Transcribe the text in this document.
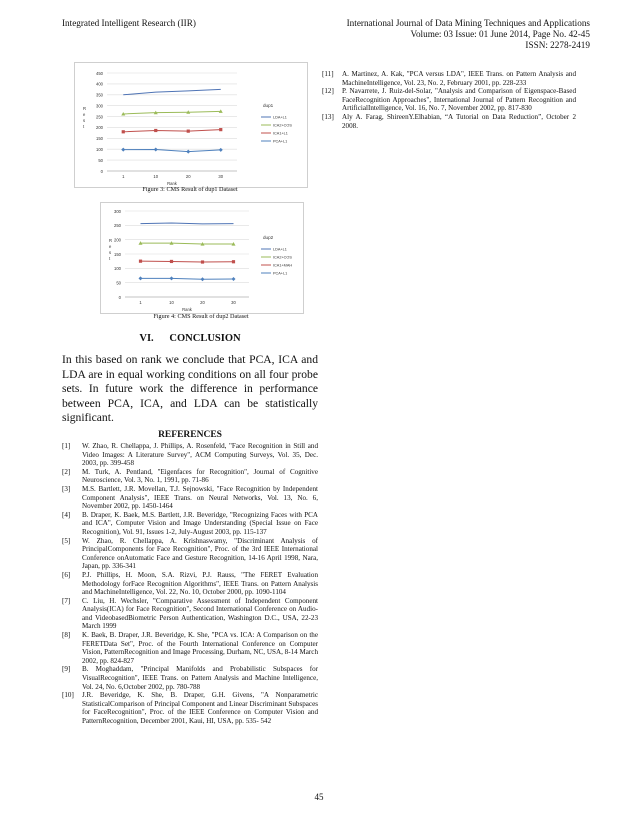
Integrated Intelligent Research (IIR)	International Journal of Data Mining Techniques and Applications
Volume: 03 Issue: 01 June 2014, Page No. 42-45
ISSN: 2278-2419
0
50
100
150
200
250
300
350
400
450
1	10	20	30
Rank
R e s t
dup1
LDA+L1
ICA2+COS
ICA1+L1
PCA+L1
Figure 3: CMS Result of dup1 Dataset
0
50
100
150
200
250
300
1	10	20	30
Rank
R e s t
dup2
LDA+L1
ICA2+COS
ICA1+MAH
PCA+L1
Figure 4: CMS Result of dup2 Dataset
VI.      CONCLUSION
In this based on rank we conclude that PCA, ICA and LDA are in equal working conditions on all four probe sets. In future work the difference in performance between PCA, ICA, and LDA can be statistically significant.
REFERENCES
[1]	W. Zhao, R. Chellappa, J. Phillips, A. Rosenfeld, "Face Recognition in Still and Video Images: A Literature Survey", ACM Computing Surveys, Vol. 35, Dec. 2003, pp. 399-458
[2]	M. Turk, A. Pentland, "Eigenfaces for Recognition", Journal of Cognitive Neuroscience, Vol. 3, No. 1, 1991, pp. 71-86
[3]	M.S. Bartlett, J.R. Movellan, T.J. Sejnowski, "Face Recognition by Independent Component Analysis", IEEE Trans. on Neural Networks, Vol. 13, No. 6, November 2002, pp. 1450-1464
[4]	B. Draper, K. Baek, M.S. Bartlett, J.R. Beveridge, "Recognizing Faces with PCA and ICA", Computer Vision and Image Understanding (Special Issue on Face Recognition), Vol. 91, Issues 1-2, July-August 2003, pp. 115-137
[5]	W. Zhao, R. Chellappa, A. Krishnaswamy, "Discriminant Analysis of PrincipalComponents for Face Recognition", Proc. of the 3rd IEEE International Conference onAutomatic Face and Gesture Recognition, 14-16 April 1998, Nara, Japan, pp. 336-341
[6]	P.J. Phillips, H. Moon, S.A. Rizvi, P.J. Rauss, "The FERET Evaluation Methodology forFace Recognition Algorithms", IEEE Trans. on Pattern Analysis and MachineIntelligence, Vol. 22, No. 10, October 2000, pp. 1090-1104
[7]	C. Liu, H. Wechsler, "Comparative Assessment of Independent Component Analysis(ICA) for Face Recognition", Second International Conference on Audio- and VideobasedBiometric Person Authentication, Washington D.C., USA, 22-23 March 1999
[8]	K. Baek, B. Draper, J.R. Beveridge, K. She, "PCA vs. ICA: A Comparison on the FERETData Set", Proc. of the Fourth International Conference on Computer Vision, PatternRecognition and Image Processing, Durham, NC, USA, 8-14 March 2002, pp. 824-827
[9]	B. Moghaddam, "Principal Manifolds and Probabilistic Subspaces for VisualRecognition", IEEE Trans. on Pattern Analysis and Machine Intelligence, Vol. 24, No. 6,October 2002, pp. 780-788
[10]	J.R. Beveridge, K. She, B. Draper, G.H. Givens, "A Nonparametric StatisticalComparison of Principal Component and Linear Discriminant Subspaces for FaceRecognition", Proc. of the IEEE Conference on Computer Vision and PatternRecognition, December 2001, Kaui, HI, USA, pp. 535- 542
[11]	A. Martinez, A. Kak, "PCA versus LDA", IEEE Trans. on Pattern Analysis and MachineIntelligence, Vol. 23, No. 2, February 2001, pp. 228-233
[12]	P. Navarrete, J. Ruiz-del-Solar, "Analysis and Comparison of Eigenspace-Based FaceRecognition Approaches", International Journal of Pattern Recognition and ArtificialIntelligence, Vol. 16, No. 7, November 2002, pp. 817-830
[13]	Aly A. Farag, ShireenY.Elhabian, “A Tutorial on Data Reduction”, October 2 2008.
45
